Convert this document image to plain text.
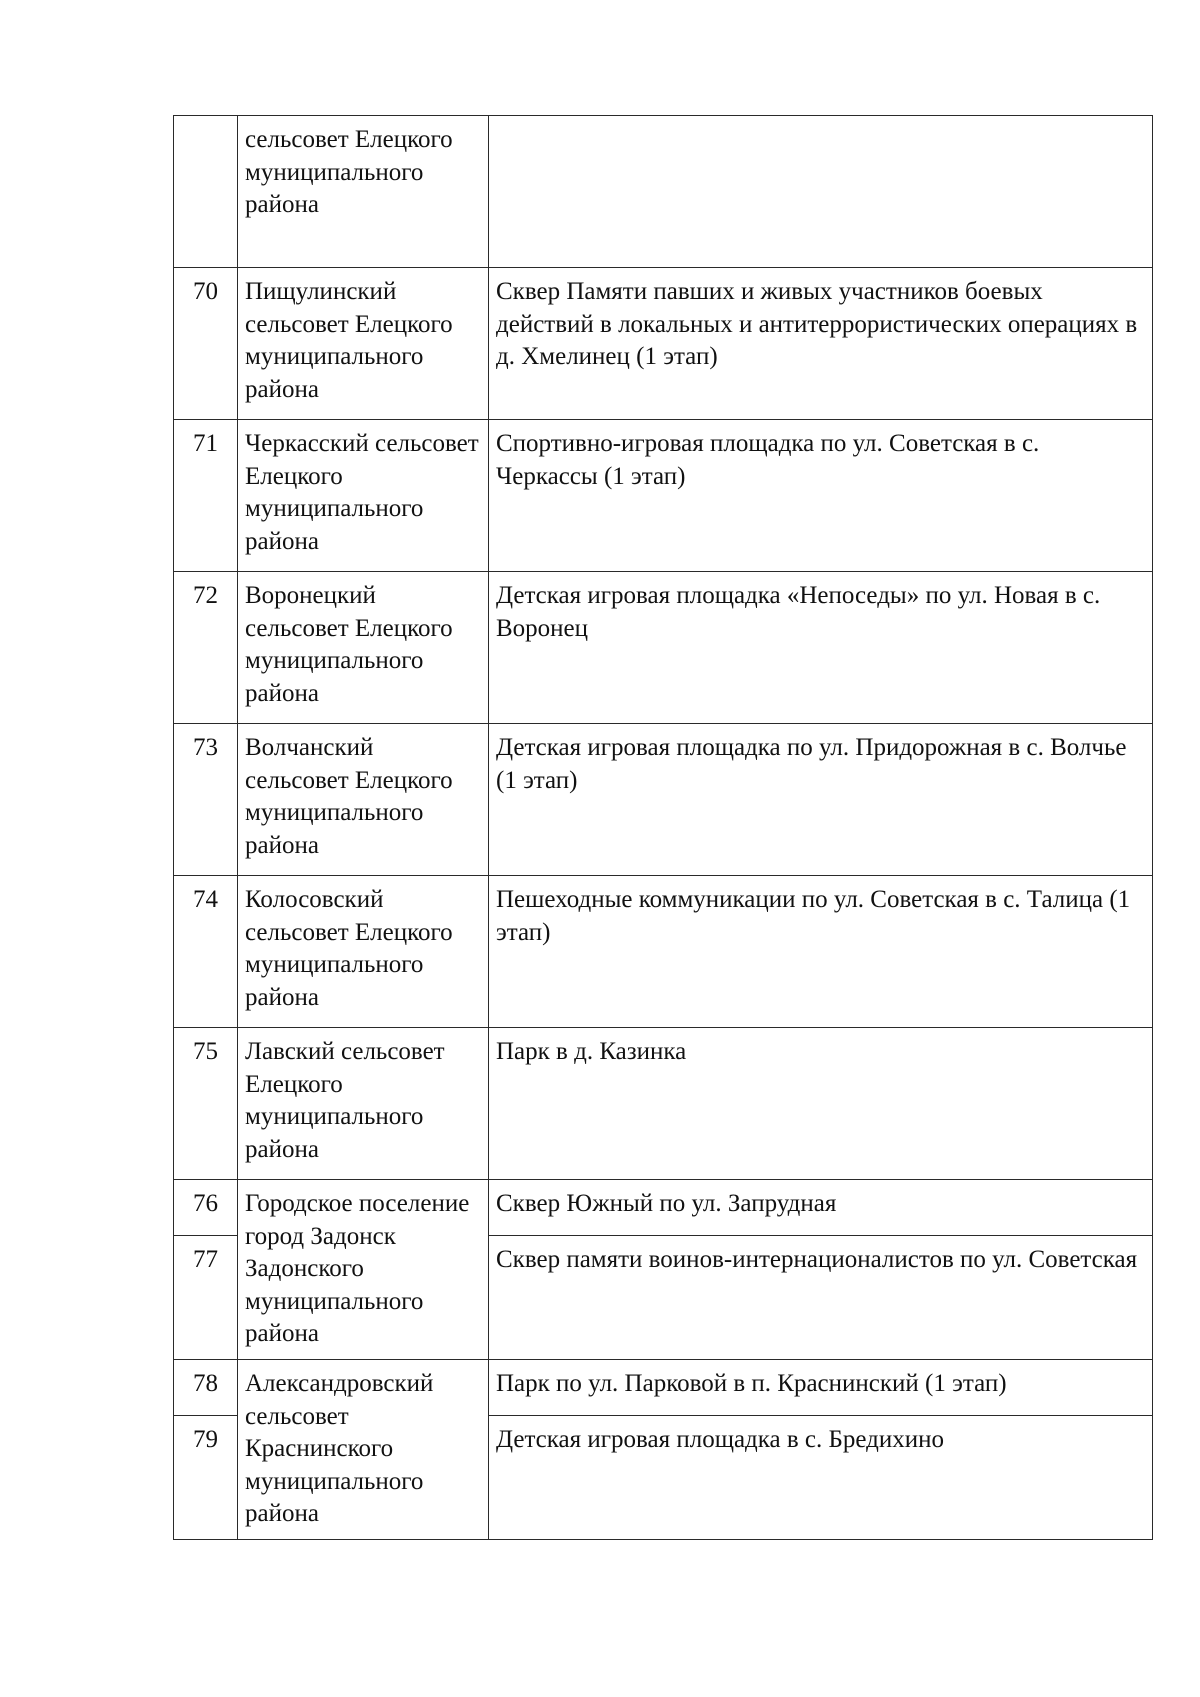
	сельсовет Елецкого муниципального района	
70	Пищулинский сельсовет Елецкого муниципального района	Сквер Памяти павших и живых участников боевых действий в локальных и антитеррористических операциях в д. Хмелинец (1 этап)
71	Черкасский сельсовет Елецкого муниципального района	Спортивно-игровая площадка по ул. Советская в с. Черкассы (1 этап)
72	Воронецкий сельсовет Елецкого муниципального района	Детская игровая площадка «Непоседы» по ул. Новая в с. Воронец
73	Волчанский сельсовет Елецкого муниципального района	Детская игровая площадка по ул. Придорожная в с. Волчье (1 этап)
74	Колосовский сельсовет Елецкого муниципального района	Пешеходные коммуникации по ул. Советская в с. Талица (1 этап)
75	Лавский сельсовет Елецкого муниципального района	Парк в д. Казинка
76	Городское поселение город Задонск Задонского муниципального района	Сквер Южный по ул. Запрудная
77		Сквер памяти воинов-интернационалистов по ул. Советская
78	Александровский сельсовет Краснинского муниципального района	Парк по ул. Парковой в п. Краснинский (1 этап)
79		Детская игровая площадка в с. Бредихино
